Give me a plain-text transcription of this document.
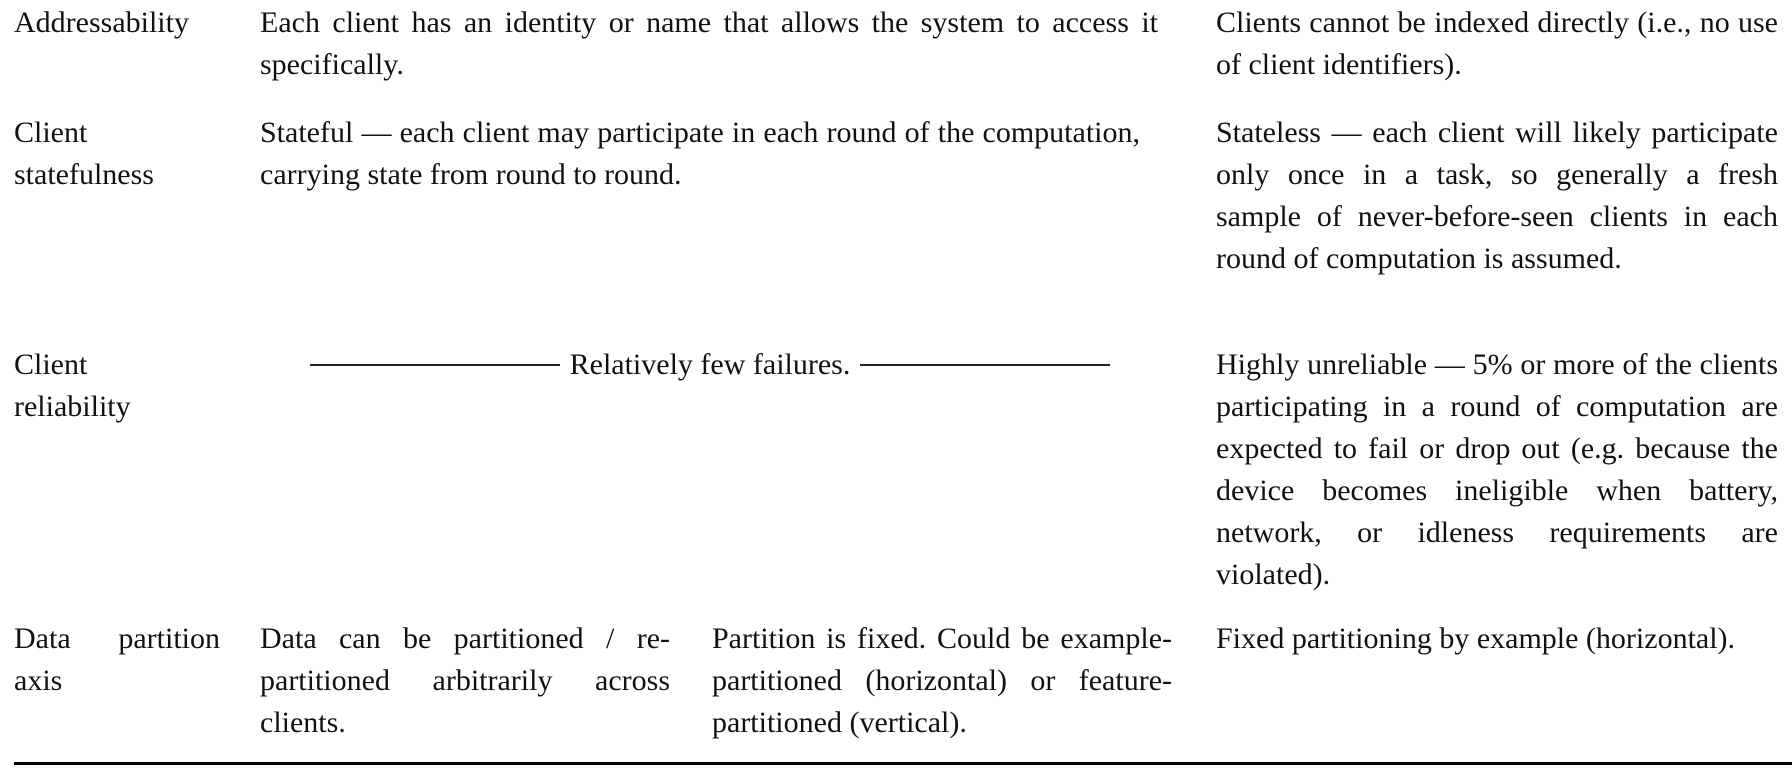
Addressability	Each client has an identity or name that allows the system to access it specifically.
Clients cannot be indexed directly (i.e., no use of client identifiers).
Client statefulness
Stateful — each client may participate in each round of the computation, carrying state from round to round.
Stateless — each client will likely participate only once in a task, so generally a fresh sample of never-before-seen clients in each round of computation is assumed.
Client reliability
Relatively few failures.	Highly unreliable — 5% or more of the clients participating in a round of computation are expected to fail or drop out (e.g. because the device becomes ineligible when battery, network, or idleness requirements are violated).
Data partition axis
Data can be partitioned / re-partitioned arbitrarily across clients.
Partition is fixed. Could be example-partitioned (horizontal) or feature-partitioned (vertical).
Fixed partitioning by example (horizontal).
